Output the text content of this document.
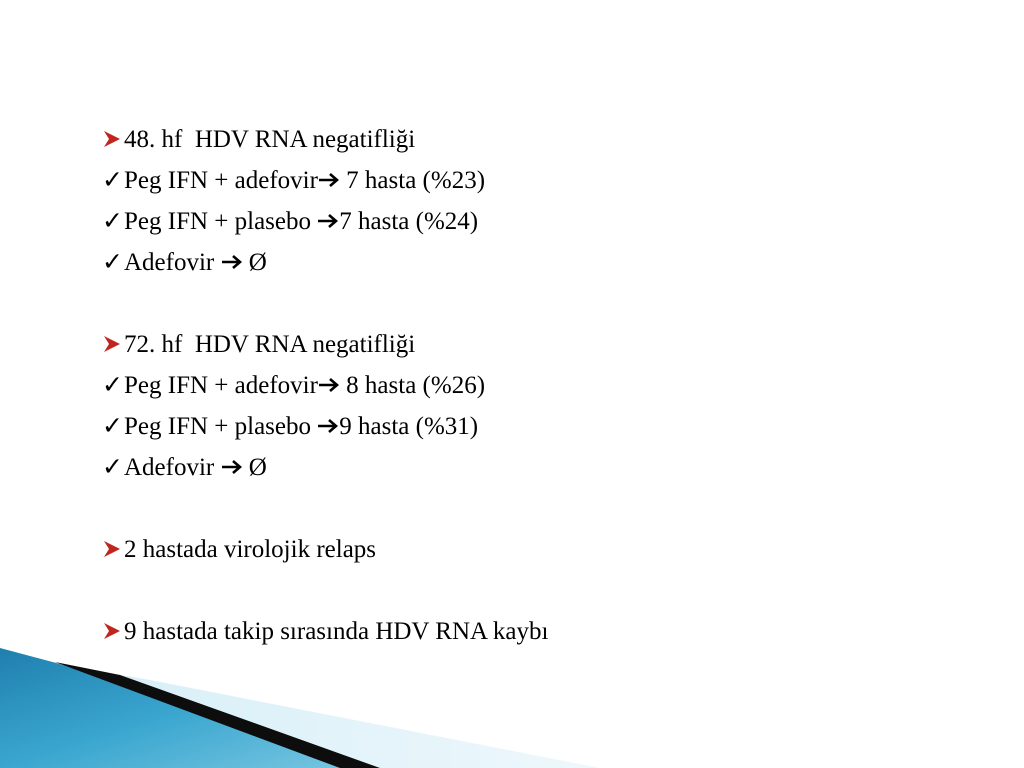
48. hf  HDV RNA negatifliği
✓Peg IFN + adefovir 7 hasta (%23)
✓Peg IFN + plasebo 7 hasta (%24)
✓Adefovir  Ø
72. hf  HDV RNA negatifliği
✓Peg IFN + adefovir 8 hasta (%26)
✓Peg IFN + plasebo 9 hasta (%31)
✓Adefovir  Ø
2 hastada virolojik relaps
9 hastada takip sırasında HDV RNA kaybı
